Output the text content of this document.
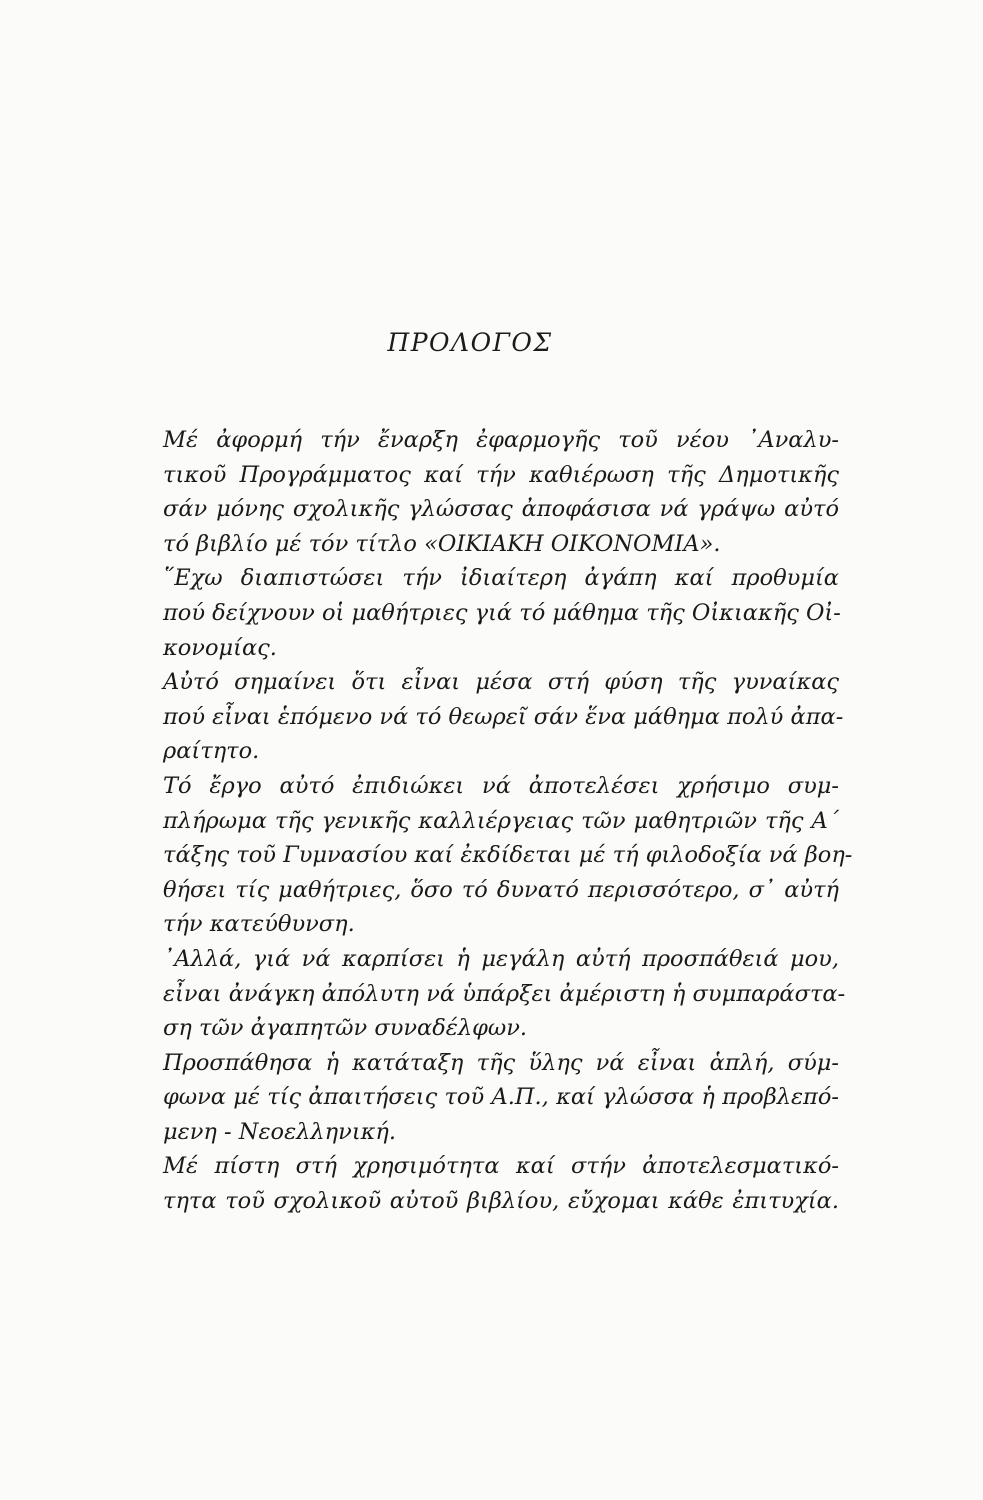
ΠΡΟΛΟΓΟΣ
Μέ ἀφορμή τήν ἔναρξη ἐφαρμογῆς τοῦ νέου ᾿Αναλυ-
τικοῦ Προγράμματος καί τήν καθιέρωση τῆς Δημοτικῆς
σάν μόνης σχολικῆς γλώσσας ἀποφάσισα νά γράψω αὐτό
τό βιβλίο μέ τόν τίτλο «ΟΙΚΙΑΚΗ ΟΙΚΟΝΟΜΙΑ».
῞Εχω διαπιστώσει τήν ἰδιαίτερη ἀγάπη καί προθυμία
πού δείχνουν οἱ μαθήτριες γιά τό μάθημα τῆς Οἰκιακῆς Οἰ-
κονομίας.
Αὐτό σημαίνει ὅτι εἶναι μέσα στή φύση τῆς γυναίκας
πού εἶναι ἑπόμενο νά τό θεωρεῖ σάν ἕνα μάθημα πολύ ἀπα-
ραίτητο.
Τό ἔργο αὐτό ἐπιδιώκει νά ἀποτελέσει χρήσιμο συμ-
πλήρωμα τῆς γενικῆς καλλιέργειας τῶν μαθητριῶν τῆς Α΄
τάξης τοῦ Γυμνασίου καί ἐκδίδεται μέ τή φιλοδοξία νά βοη-
θήσει τίς μαθήτριες, ὅσο τό δυνατό περισσότερο, σ᾿ αὐτή
τήν κατεύθυνση.
᾿Αλλά, γιά νά καρπίσει ἡ μεγάλη αὐτή προσπάθειά μου,
εἶναι ἀνάγκη ἀπόλυτη νά ὑπάρξει ἀμέριστη ἡ συμπαράστα-
ση τῶν ἀγαπητῶν συναδέλφων.
Προσπάθησα ἡ κατάταξη τῆς ὕλης νά εἶναι ἁπλή, σύμ-
φωνα μέ τίς ἀπαιτήσεις τοῦ Α.Π., καί γλώσσα ἡ προβλεπό-
μενη - Νεοελληνική.
Μέ πίστη στή χρησιμότητα καί στήν ἀποτελεσματικό-
τητα τοῦ σχολικοῦ αὐτοῦ βιβλίου, εὔχομαι κάθε ἐπιτυχία.
